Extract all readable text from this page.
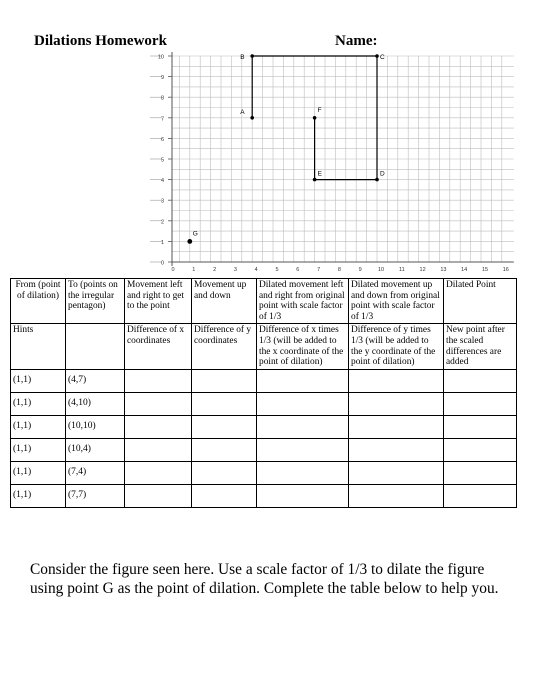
Dilations Homework	Name:
0
1
2
3
4
5
6
7
8
9
10
0	1	2	3	4	5	6	7	8	9	10	11	12	13	14	15	16
A
B	C
D
E
F
G
From (point of dilation)	To (points on the irregular pentagon)	Movement left and right to get to the point	Movement up and down	Dilated movement left and right from original point with scale factor of 1/3	Dilated movement up and down from original point with scale factor of 1/3	Dilated Point
Hints		Difference of x coordinates	Difference of y coordinates	Difference of x times 1/3 (will be added to the x coordinate of the point of dilation)	Difference of y times 1/3 (will be added to the y coordinate of the point of dilation)	New point after the scaled differences are added
(1,1)	(4,7)					
(1,1)	(4,10)					
(1,1)	(10,10)					
(1,1)	(10,4)					
(1,1)	(7,4)					
(1,1)	(7,7)					
Consider the figure seen here. Use a scale factor of 1/3 to dilate the figure using point G as the point of dilation. Complete the table below to help you.
